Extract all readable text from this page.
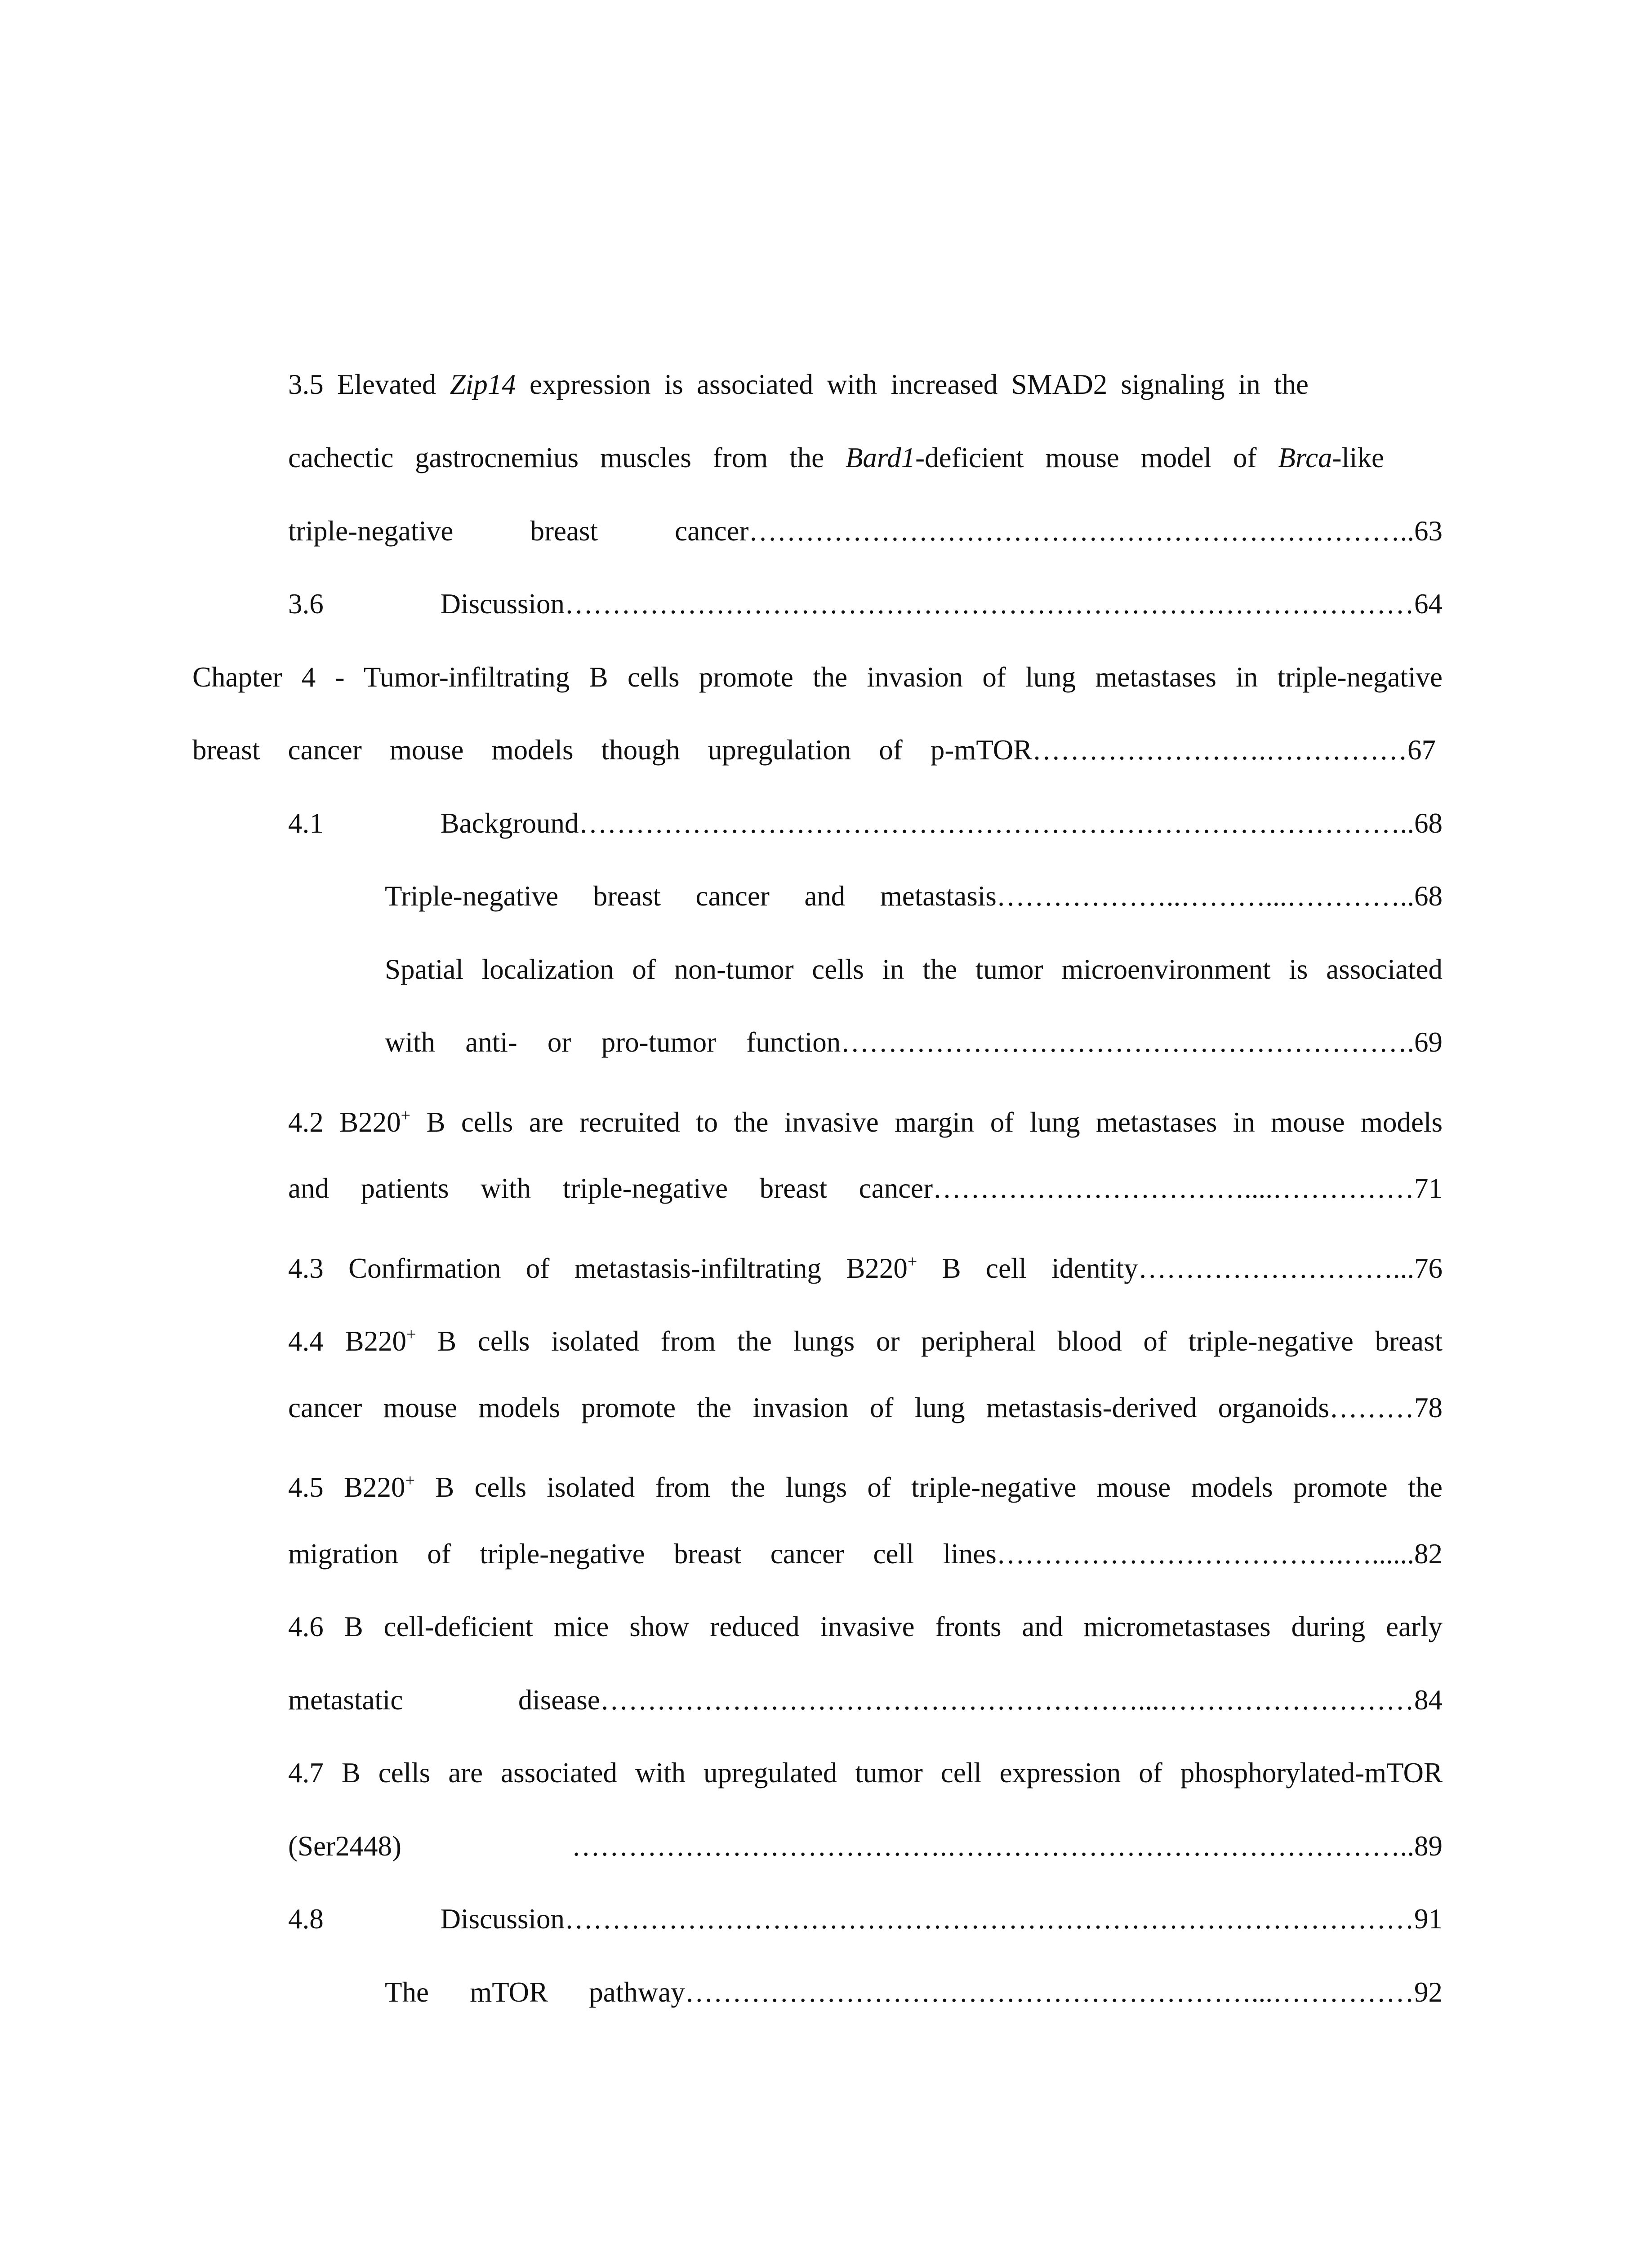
3.5 Elevated Zip14 expression is associated with increased SMAD2 signaling in the

cachectic gastrocnemius muscles from the Bard1-deficient mouse model of Brca-like

triple-negative breast cancer……………………………………………………………..63

3.6 Discussion………………………………………………………………………………64

Chapter 4 - Tumor-infiltrating B cells promote the invasion of lung metastases in triple-negative

breast cancer mouse models though upregulation of p-mTOR…………………….……………67

4.1 Background……………………………………………………………………………..68

Triple-negative breast cancer and metastasis………………..………...…………..68

Spatial localization of non-tumor cells in the tumor microenvironment is associated

with anti- or pro-tumor function…………………………………………………….69

4.2 B220+ B cells are recruited to the invasive margin of lung metastases in mouse models

and patients with triple-negative breast cancer……………………………....……………71

4.3 Confirmation of metastasis-infiltrating B220+ B cell identity………………………...76

4.4 B220+ B cells isolated from the lungs or peripheral blood of triple-negative breast

cancer mouse models promote the invasion of lung metastasis-derived organoids………78

4.5 B220+ B cells isolated from the lungs of triple-negative mouse models promote the

migration of triple-negative breast cancer cell lines……………………………….…......82

4.6 B cell-deficient mice show reduced invasive fronts and micrometastases during early

metastatic disease…………………………………………………...………………………84

4.7 B cells are associated with upregulated tumor cell expression of phosphorylated-mTOR

(Ser2448) ………………………………….…………………………………………..89

4.8 Discussion………………………………………………………………………………91

The mTOR pathway……………………………………………………...……………92
